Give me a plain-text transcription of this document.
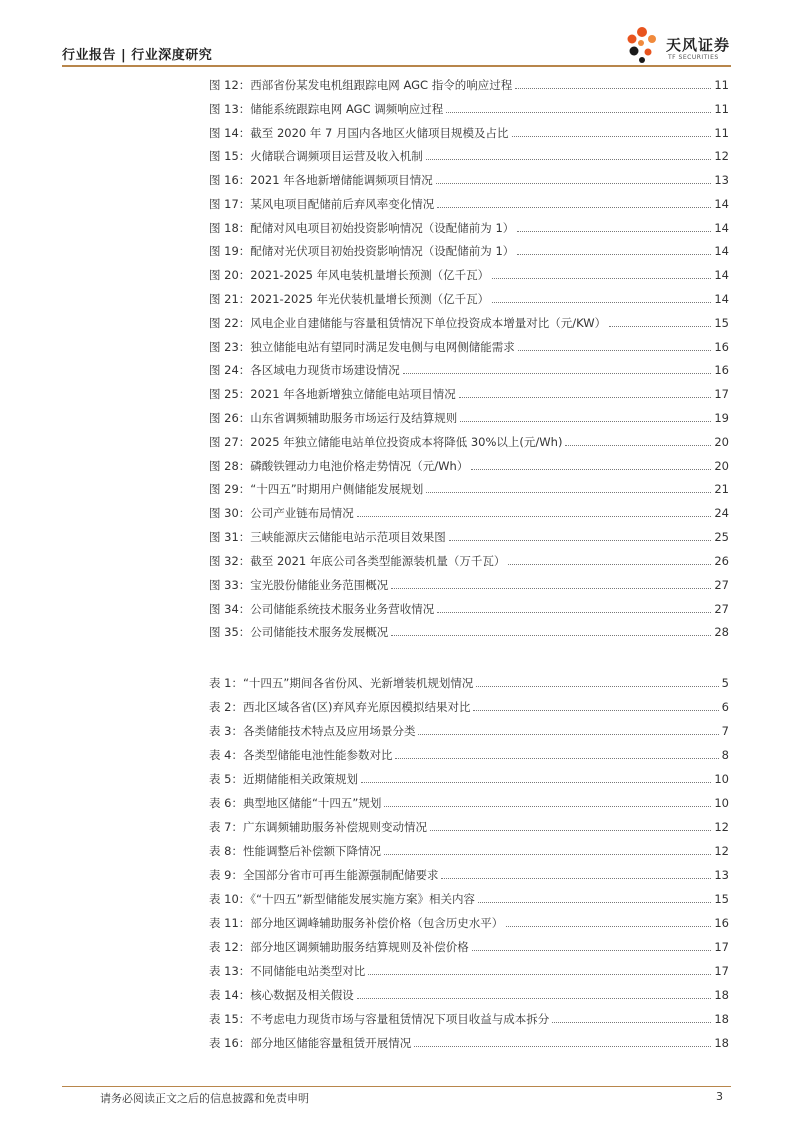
行业报告 | 行业深度研究
天风证券
TF SECURITIES
图 12：西部省份某发电机组跟踪电网 AGC 指令的响应过程	11
图 13：储能系统跟踪电网 AGC 调频响应过程	11
图 14：截至 2020 年 7 月国内各地区火储项目规模及占比	11
图 15：火储联合调频项目运营及收入机制	12
图 16：2021 年各地新增储能调频项目情况	13
图 17：某风电项目配储前后弃风率变化情况	14
图 18：配储对风电项目初始投资影响情况（设配储前为 1）	14
图 19：配储对光伏项目初始投资影响情况（设配储前为 1）	14
图 20：2021-2025 年风电装机量增长预测（亿千瓦）	14
图 21：2021-2025 年光伏装机量增长预测（亿千瓦）	14
图 22：风电企业自建储能与容量租赁情况下单位投资成本增量对比（元/KW）	15
图 23：独立储能电站有望同时满足发电侧与电网侧储能需求	16
图 24：各区域电力现货市场建设情况	16
图 25：2021 年各地新增独立储能电站项目情况	17
图 26：山东省调频辅助服务市场运行及结算规则	19
图 27：2025 年独立储能电站单位投资成本将降低 30%以上(元/Wh)	20
图 28：磷酸铁锂动力电池价格走势情况（元/Wh）	20
图 29：“十四五”时期用户侧储能发展规划	21
图 30：公司产业链布局情况	24
图 31：三峡能源庆云储能电站示范项目效果图	25
图 32：截至 2021 年底公司各类型能源装机量（万千瓦）	26
图 33：宝光股份储能业务范围概况	27
图 34：公司储能系统技术服务业务营收情况	27
图 35：公司储能技术服务发展概况	28
表 1：“十四五”期间各省份风、光新增装机规划情况	5
表 2：西北区域各省(区)弃风弃光原因模拟结果对比	6
表 3：各类储能技术特点及应用场景分类	7
表 4：各类型储能电池性能参数对比	8
表 5：近期储能相关政策规划	10
表 6：典型地区储能“十四五”规划	10
表 7：广东调频辅助服务补偿规则变动情况	12
表 8：性能调整后补偿额下降情况	12
表 9：全国部分省市可再生能源强制配储要求	13
表 10：《“十四五”新型储能发展实施方案》相关内容	15
表 11：部分地区调峰辅助服务补偿价格（包含历史水平）	16
表 12：部分地区调频辅助服务结算规则及补偿价格	17
表 13：不同储能电站类型对比	17
表 14：核心数据及相关假设	18
表 15：不考虑电力现货市场与容量租赁情况下项目收益与成本拆分	18
表 16：部分地区储能容量租赁开展情况	18
请务必阅读正文之后的信息披露和免责申明	3
